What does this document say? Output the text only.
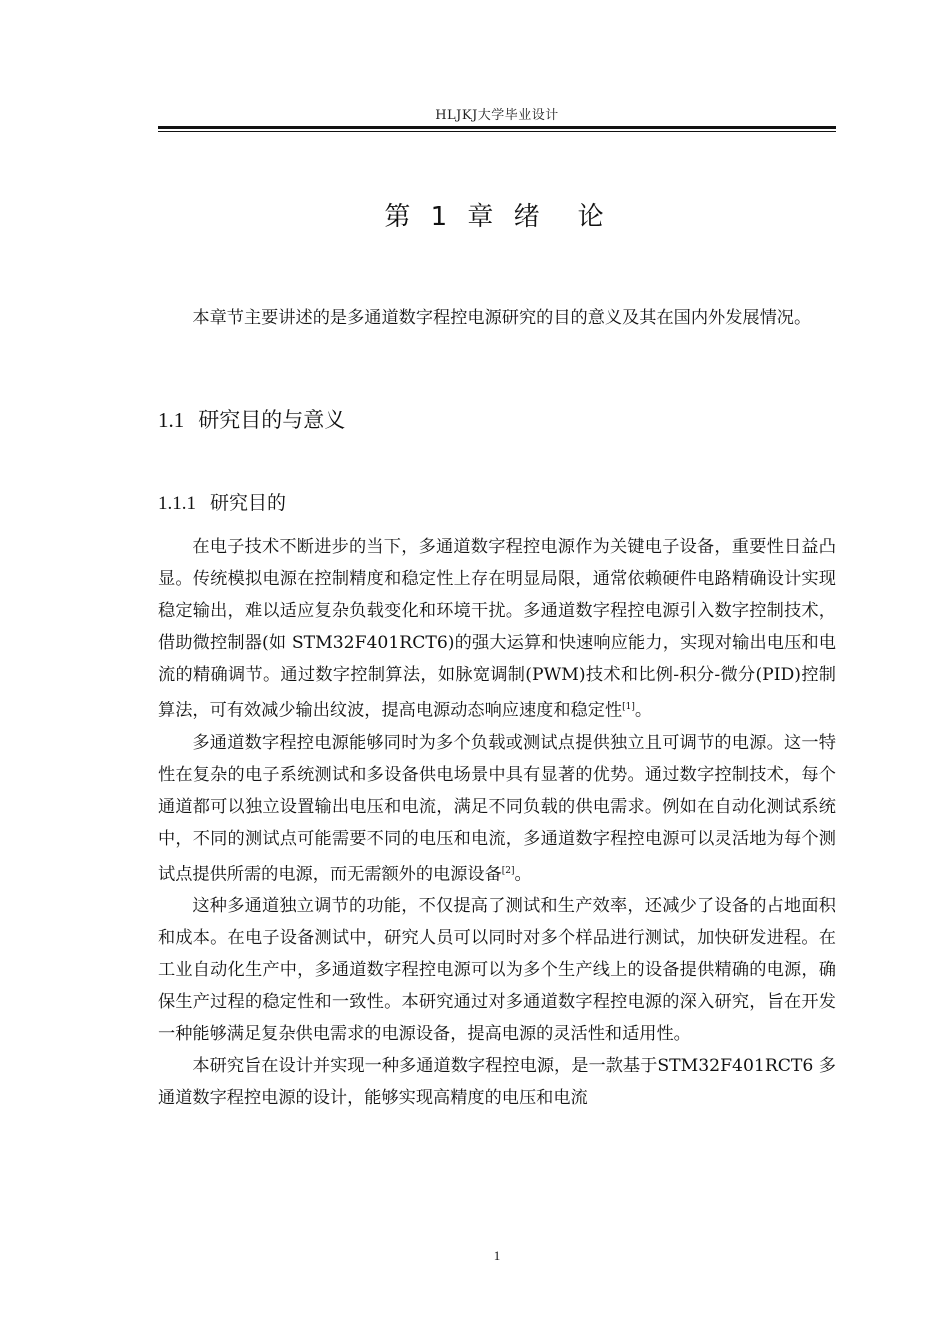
HLJKJ大学毕业设计
第 1 章 绪　论

本章节主要讲述的是多通道数字程控电源研究的目的意义及其在国内外发展情况。

1.1 研究目的与意义
1.1.1 研究目的

在电子技术不断进步的当下，多通道数字程控电源作为关键电子设备，重要性日益凸显。传统模拟电源在控制精度和稳定性上存在明显局限，通常依赖硬件电路精确设计实现稳定输出，难以适应复杂负载变化和环境干扰。多通道数字程控电源引入数字控制技术，借助微控制器(如 STM32F401RCT6)的强大运算和快速响应能力，实现对输出电压和电流的精确调节。通过数字控制算法，如脉宽调制(PWM)技术和比例-积分-微分(PID)控制算法，可有效减少输出纹波，提高电源动态响应速度和稳定性[1]。

多通道数字程控电源能够同时为多个负载或测试点提供独立且可调节的电源。这一特性在复杂的电子系统测试和多设备供电场景中具有显著的优势。通过数字控制技术，每个通道都可以独立设置输出电压和电流，满足不同负载的供电需求。例如在自动化测试系统中，不同的测试点可能需要不同的电压和电流，多通道数字程控电源可以灵活地为每个测试点提供所需的电源，而无需额外的电源设备[2]。

这种多通道独立调节的功能，不仅提高了测试和生产效率，还减少了设备的占地面积和成本。在电子设备测试中，研究人员可以同时对多个样品进行测试，加快研发进程。在工业自动化生产中，多通道数字程控电源可以为多个生产线上的设备提供精确的电源，确保生产过程的稳定性和一致性。本研究通过对多通道数字程控电源的深入研究，旨在开发一种能够满足复杂供电需求的电源设备，提高电源的灵活性和适用性。

本研究旨在设计并实现一种多通道数字程控电源，是一款基于STM32F401RCT6 多通道数字程控电源的设计，能够实现高精度的电压和电流

1
